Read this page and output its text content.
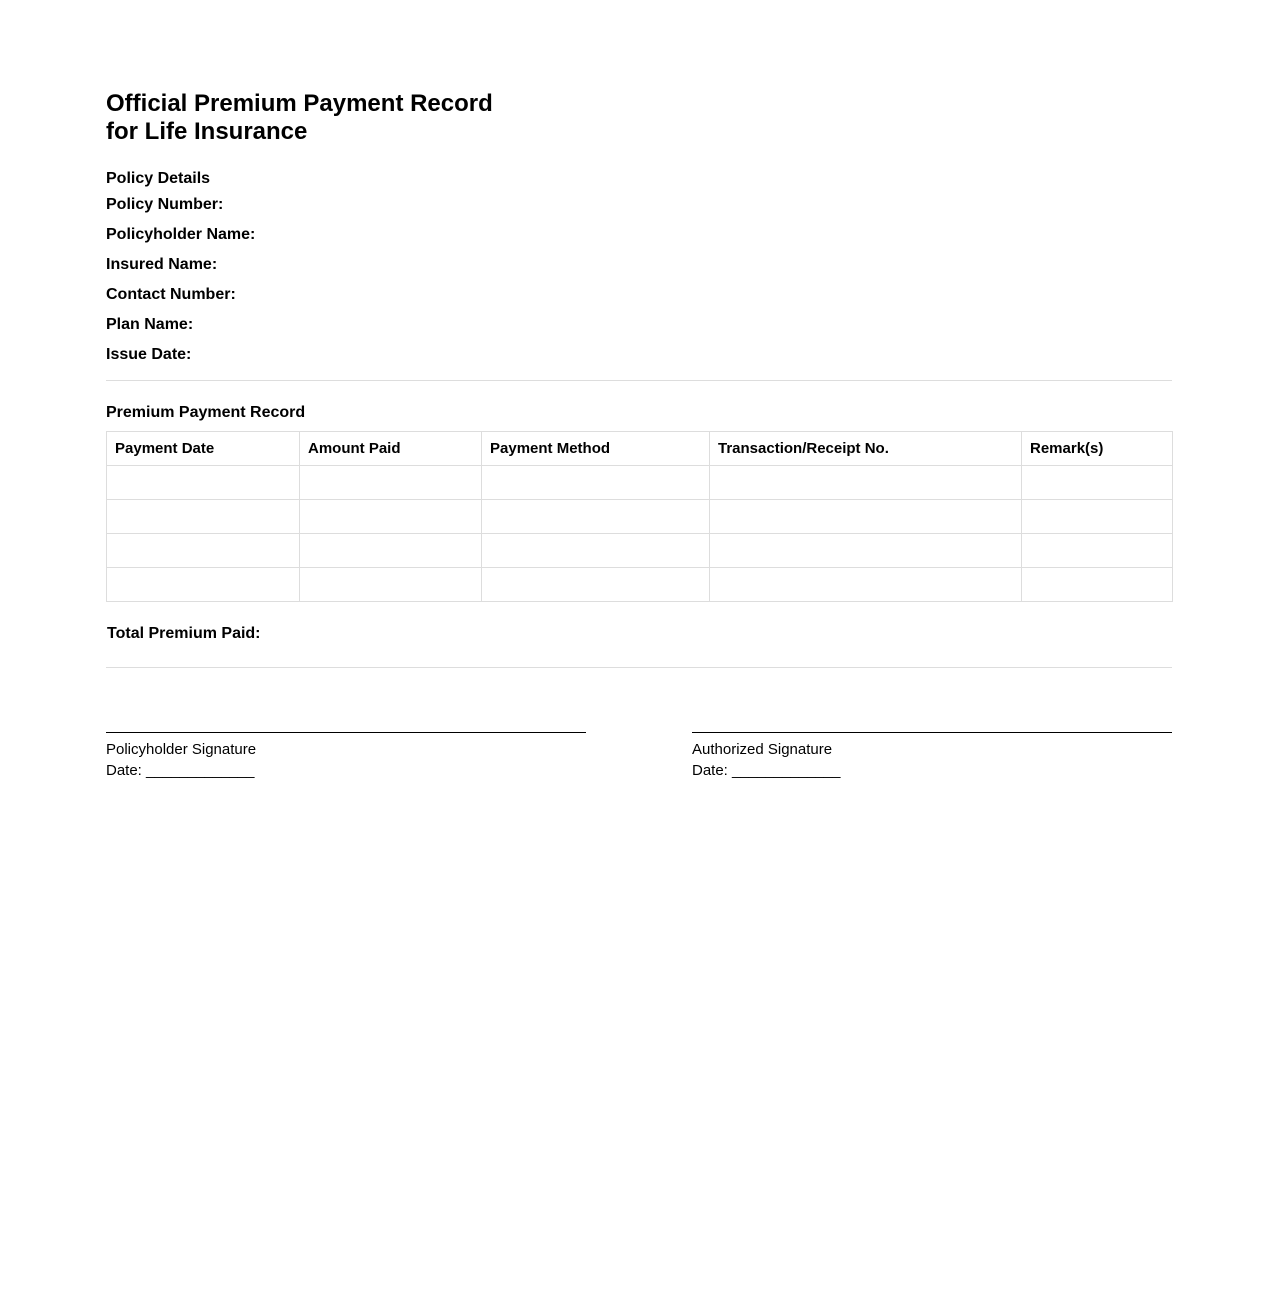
Official Premium Payment Record for Life Insurance

Policy Details

Policy Number:
Policyholder Name:
Insured Name:
Contact Number:
Plan Name:
Issue Date:

Premium Payment Record

Payment Date	Amount Paid	Payment Method	Transaction/Receipt No.	Remark(s)

Total Premium Paid:

Policyholder Signature
Date: _____________
Authorized Signature
Date: _____________
